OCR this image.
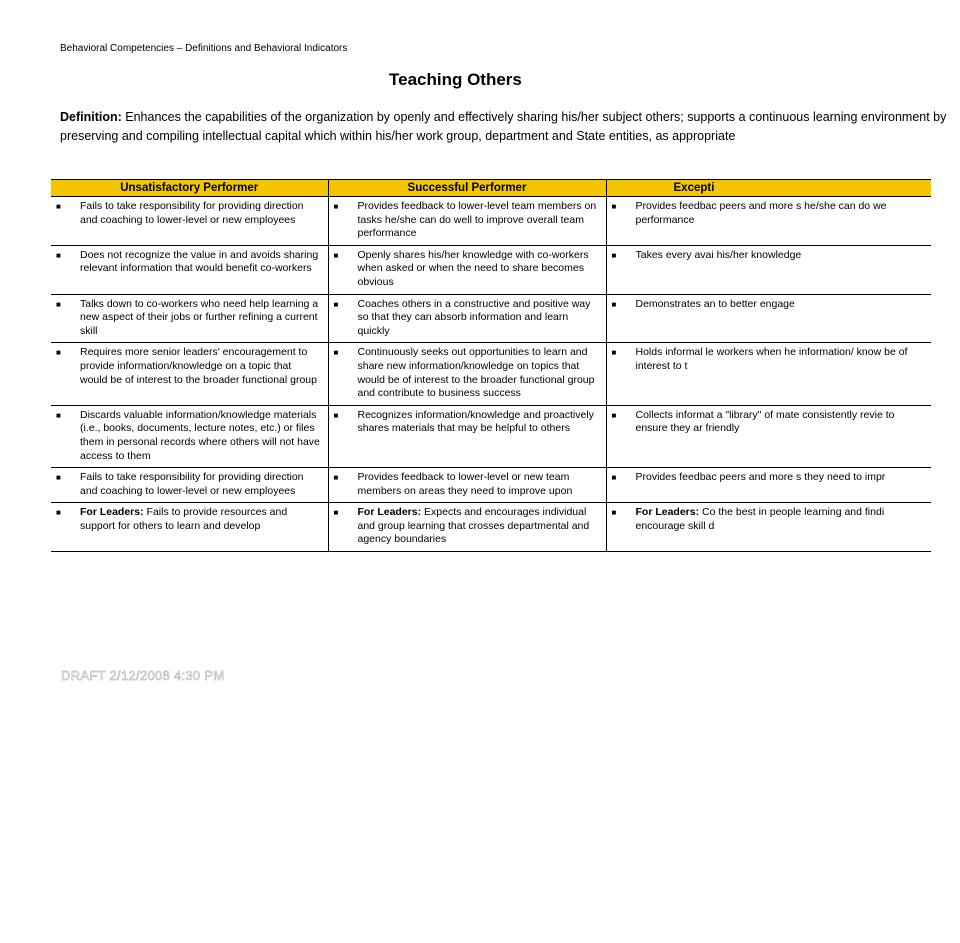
Behavioral Competencies – Definitions and Behavioral Indicators
Teaching Others
Definition: Enhances the capabilities of the organization by openly and effectively sharing his/her subject others; supports a continuous learning environment by preserving and compiling intellectual capital which within his/her work group, department and State entities, as appropriate
Unsatisfactory Performer	Successful Performer	Excepti

■ Fails to take responsibility for providing direction and coaching to lower-level or new employees	■ Provides feedback to lower-level team members on tasks he/she can do well to improve overall team performance	■ Provides feedbac peers and more s he/she can do we performance

■ Does not recognize the value in and avoids sharing relevant information that would benefit co-workers	■ Openly shares his/her knowledge with co-workers when asked or when the need to share becomes obvious	■ Takes every avai his/her knowledge

■ Talks down to co-workers who need help learning a new aspect of their jobs or further refining a current skill	■ Coaches others in a constructive and positive way so that they can absorb information and learn quickly	■ Demonstrates an to better engage

■ Requires more senior leaders' encouragement to provide information/knowledge on a topic that would be of interest to the broader functional group	■ Continuously seeks out opportunities to learn and share new information/knowledge on topics that would be of interest to the broader functional group and contribute to business success	■ Holds informal le workers when he information/ know be of interest to t

■ Discards valuable information/knowledge materials (i.e., books, documents, lecture notes, etc.) or files them in personal records where others will not have access to them	■ Recognizes information/knowledge and proactively shares materials that may be helpful to others	■ Collects informat a "library" of mate consistently revie to ensure they ar friendly

■ Fails to take responsibility for providing direction and coaching to lower-level or new employees	■ Provides feedback to lower-level or new team members on areas they need to improve upon	■ Provides feedbac peers and more s they need to impr

■ For Leaders: Fails to provide resources and support for others to learn and develop	■ For Leaders: Expects and encourages individual and group learning that crosses departmental and agency boundaries	■ For Leaders: Co the best in people learning and findi encourage skill d
DRAFT 2/12/2008 4:30 PM
